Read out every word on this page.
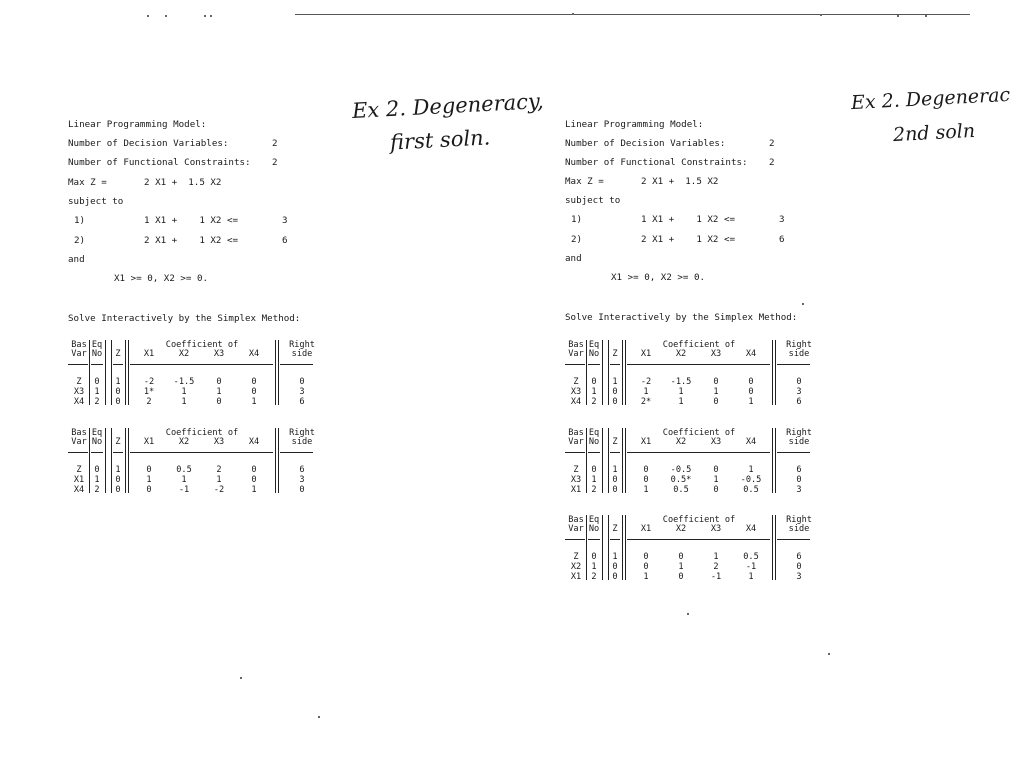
Ex 2. Degeneracy,
first soln.
Linear Programming Model:
Number of Decision Variables:	2
Number of Functional Constraints: 2
Max Z =	2 X1 +  1.5 X2
subject to
1)	1 X1 +    1 X2 <=	3
2)	2 X1 +    1 X2 <=	6
and
X1 >= 0, X2 >= 0.
Solve Interactively by the Simplex Method:
Bas
Var
Eq
No	Z
Coefficient of
X1	X2	X3	X4
Right
side
Z	0	1	-2	-1.5	0	0	0
X3	1	0	1*	1	1	0	3
X4	2	0	2	1	0	1	6
Bas
Var
Eq
No	Z
Coefficient of
X1	X2	X3	X4
Right
side
Z	0	1	0	0.5	2	0	6
X1	1	0	1	1	1	0	3
X4	2	0	0	-1	-2	1	0
Ex 2. Degenerac
2nd soln
Linear Programming Model:
Number of Decision Variables:	2
Number of Functional Constraints: 2
Max Z =	2 X1 +  1.5 X2
subject to
1)	1 X1 +    1 X2 <=	3
2)	2 X1 +    1 X2 <=	6
and
X1 >= 0, X2 >= 0.
Solve Interactively by the Simplex Method:
Bas
Var
Eq
No	Z
Coefficient of
X1	X2	X3	X4
Right
side
Z	0	1	-2	-1.5	0	0	0
X3	1	0	1	1	1	0	3
X4	2	0	2*	1	0	1	6
Bas
Var
Eq
No	Z
Coefficient of
X1	X2	X3	X4
Right
side
Z	0	1	0	-0.5	0	1	6
X3	1	0	0	0.5*	1	-0.5	0
X1	2	0	1	0.5	0	0.5	3
Bas
Var
Eq
No	Z
Coefficient of
X1	X2	X3	X4
Right
side
Z	0	1	0	0	1	0.5	6
X2	1	0	0	1	2	-1	0
X1	2	0	1	0	-1	1	3
